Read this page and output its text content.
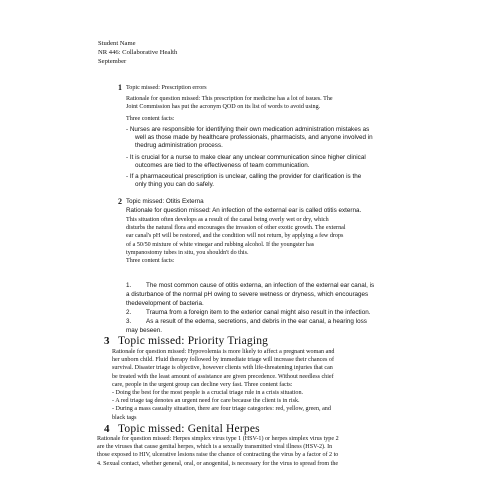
Student Name
NR 446: Collaborative Health
September
1 Topic missed: Prescription errors
Rationale for question missed: This prescription for medicine has a lot of issues. The
Joint Commission has put the acronym QOD on its list of words to avoid using.
Three content facts:
- Nurses are responsible for identifying their own medication administration mistakes as
well as those made by healthcare professionals, pharmacists, and anyone involved in
thedrug administration process.
- It is crucial for a nurse to make clear any unclear communication since higher clinical
outcomes are tied to the effectiveness of team communication.
- If a pharmaceutical prescription is unclear, calling the provider for clarification is the
only thing you can do safely.
2 Topic missed: Otitis Externa
Rationale for question missed: An infection of the external ear is called otitis externa.
This situation often develops as a result of the canal being overly wet or dry, which
disturbs the natural flora and encourages the invasion of other exotic growth. The external
ear canal's pH will be restored, and the condition will not return, by applying a few drops
of a 50/50 mixture of white vinegar and rubbing alcohol. If the youngster has
tympanostomy tubes in situ, you shouldn't do this.
Three content facts:
1. The most common cause of otitis externa, an infection of the external ear canal, is
a disturbance of the normal pH owing to severe wetness or dryness, which encourages
thedevelopment of bacteria.
2. Trauma from a foreign item to the exterior canal might also result in the infection.
3. As a result of the edema, secretions, and debris in the ear canal, a hearing loss
may beseen.
3 Topic missed: Priority Triaging
Rationale for question missed: Hypovolemia is more likely to affect a pregnant woman and
her unborn child. Fluid therapy followed by immediate triage will increase their chances of
survival. Disaster triage is objective, however clients with life-threatening injuries that can
be treated with the least amount of assistance are given precedence. Without needless chief
care, people in the urgent group can decline very fast. Three content facts:
- Doing the best for the most people is a crucial triage rule in a crisis situation.
- A red triage tag denotes an urgent need for care because the client is in risk.
- During a mass casualty situation, there are four triage categories: red, yellow, green, and
black tags
4 Topic missed: Genital Herpes
Rationale for question missed: Herpes simplex virus type 1 (HSV-1) or herpes simplex virus type 2
are the viruses that cause genital herpes, which is a sexually transmitted viral illness (HSV-2). In
those exposed to HIV, ulcerative lesions raise the chance of contracting the virus by a factor of 2 to
4. Sexual contact, whether general, oral, or anogenital, is necessary for the virus to spread from the
